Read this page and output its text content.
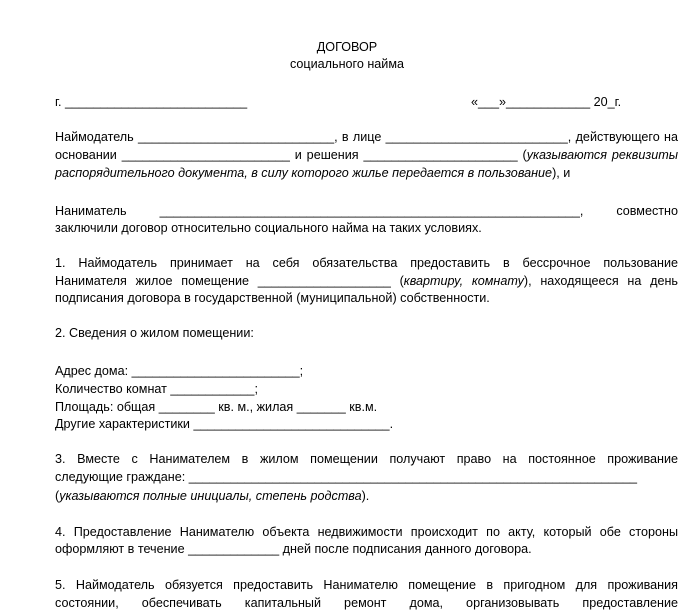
ДОГОВОР
социального найма
г. __________________________	«___»____________ 20_г.
Наймодатель ____________________________, в лице __________________________, действующего на
основании ________________________ и решения ______________________ (указываются реквизиты
распорядительного документа, в силу которого жилье передается в пользование), и
Наниматель ____________________________________________________________, совместно
заключили договор относительно социального найма на таких условиях.
1. Наймодатель принимает на себя обязательства предоставить в бессрочное пользование
Нанимателя жилое помещение ___________________ (квартиру, комнату), находящееся на день
подписания договора в государственной (муниципальной) собственности.
2. Сведения о жилом помещении:
Адрес дома: ________________________;
Количество комнат ____________;
Площадь: общая ________ кв. м., жилая _______ кв.м.
Другие характеристики ____________________________.
3. Вместе с Нанимателем в жилом помещении получают право на постоянное проживание
следующие граждане: ________________________________________________________________
(указываются полные инициалы, степень родства).
4. Предоставление Нанимателю объекта недвижимости происходит по акту, который обе стороны
оформляют в течение _____________ дней после подписания данного договора.
5. Наймодатель обязуется предоставить Нанимателю помещение в пригодном для проживания
состоянии, обеспечивать капитальный ремонт дома, организовывать предоставление
